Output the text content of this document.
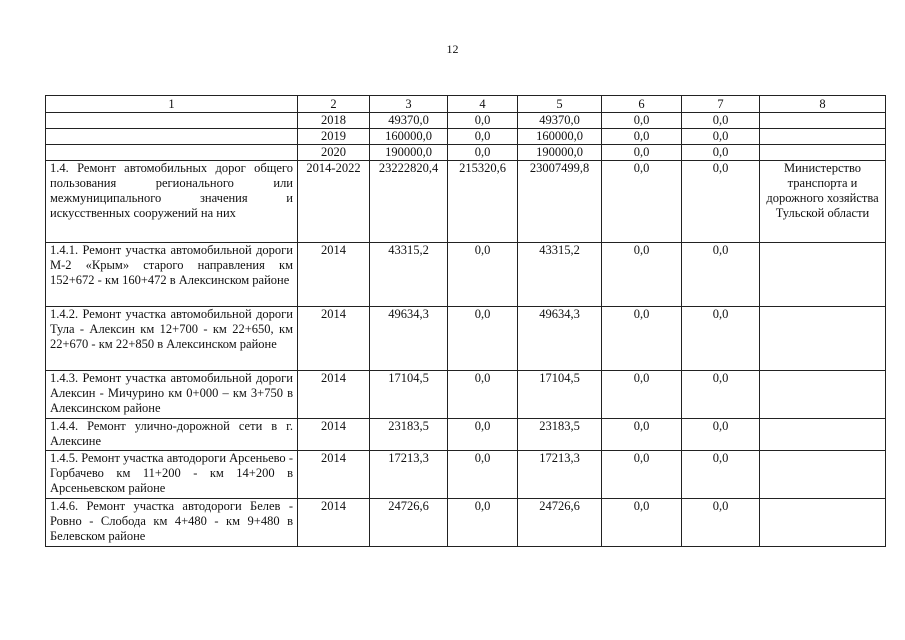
12
1	2	3	4	5	6	7	8
	2018	49370,0	0,0	49370,0	0,0	0,0	
	2019	160000,0	0,0	160000,0	0,0	0,0	
	2020	190000,0	0,0	190000,0	0,0	0,0	
1.4. Ремонт автомобильных дорог общего пользования регионального или межмуниципального значения и искусственных сооружений на них	2014-2022	23222820,4	215320,6	23007499,8	0,0	0,0	Министерство транспорта и дорожного хозяйства Тульской области
1.4.1. Ремонт участка автомобильной дороги М-2 «Крым» старого направления км 152+672 - км 160+472 в Алексинском районе	2014	43315,2	0,0	43315,2	0,0	0,0	
1.4.2. Ремонт участка автомобильной дороги Тула - Алексин км 12+700 - км 22+650, км 22+670 - км 22+850 в Алексинском районе	2014	49634,3	0,0	49634,3	0,0	0,0	
1.4.3. Ремонт участка автомобильной дороги Алексин - Мичурино км 0+000 – км 3+750 в Алексинском районе	2014	17104,5	0,0	17104,5	0,0	0,0	
1.4.4. Ремонт улично-дорожной сети в г. Алексине	2014	23183,5	0,0	23183,5	0,0	0,0	
1.4.5. Ремонт участка автодороги Арсеньево - Горбачево км 11+200 - км 14+200 в Арсеньевском районе	2014	17213,3	0,0	17213,3	0,0	0,0	
1.4.6. Ремонт участка автодороги Белев - Ровно - Слобода км 4+480 - км 9+480 в Белевском районе	2014	24726,6	0,0	24726,6	0,0	0,0	
